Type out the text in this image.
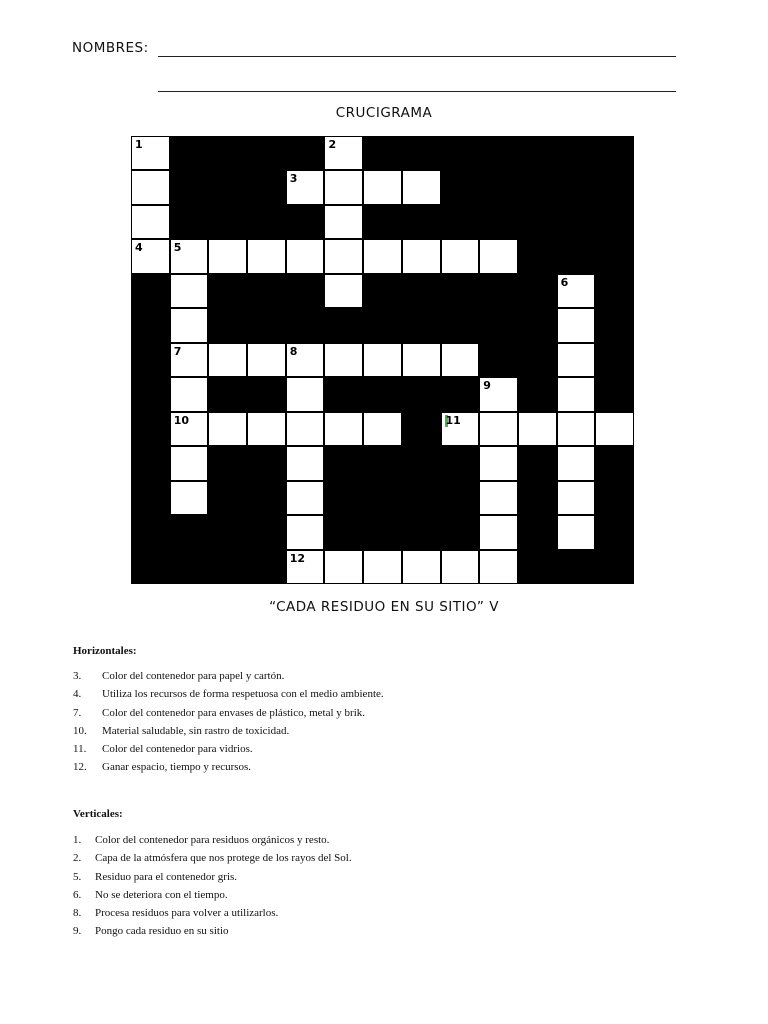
NOMBRES:
CRUCIGRAMA
1	2
3
4	5
6
7	8
9
10	11
12
“CADA RESIDUO EN SU SITIO” V
Horizontales:
3. Color del contenedor para papel y cartón.
4. Utiliza los recursos de forma respetuosa con el medio ambiente.
7. Color del contenedor para envases de plástico, metal y brik.
10. Material saludable, sin rastro de toxicidad.
11. Color del contenedor para vidrios.
12. Ganar espacio, tiempo y recursos.
Verticales:
1. Color del contenedor para residuos orgánicos y resto.
2. Capa de la atmósfera que nos protege de los rayos del Sol.
5. Residuo para el contenedor gris.
6. No se deteriora con el tiempo.
8. Procesa residuos para volver a utilizarlos.
9. Pongo cada residuo en su sitio
